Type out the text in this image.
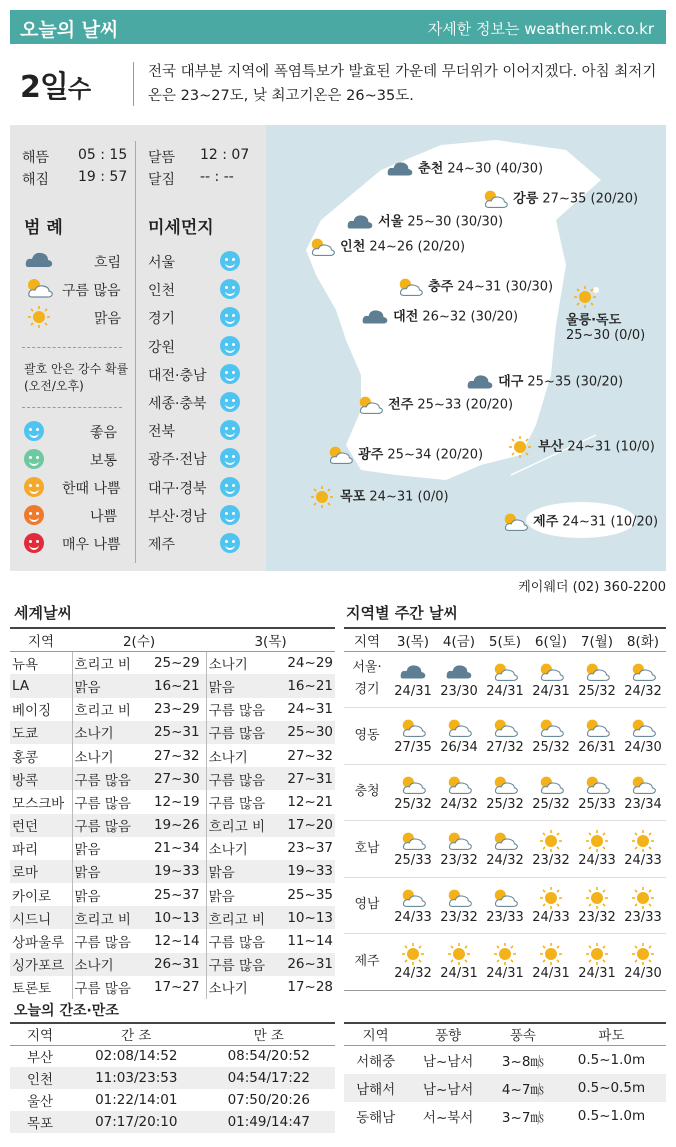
오늘의 날씨	자세한 정보는 weather.mk.co.kr
2일수
전국 대부분 지역에 폭염특보가 발효된 가운데 무더위가 이어지겠다. 아침 최저기온은 23~27도, 낮 최고기온은 26~35도.
해뜸 05 : 15
해짐 19 : 57
달뜸 12 : 07
달짐 -- : --
범 례
흐림
구름 많음
맑음
괄호 안은 강수 확률
(오전/오후)
좋음
보통
한때 나쁨
나쁨
매우 나쁨
미세먼지
서울
인천
경기
강원
대전·충남
세종·충북
전북
광주·전남
대구·경북
부산·경남
제주
춘천 24~30 (40/30)
강릉 27~35 (20/20)
서울 25~30 (30/30)
인천 24~26 (20/20)
충주 24~31 (30/30)
울릉·독도
25~30 (0/0)
대전 26~32 (30/20)
대구 25~35 (30/20)
전주 25~33 (20/20)
광주 25~34 (20/20)
부산 24~31 (10/0)
목포 24~31 (0/0)
제주 24~31 (10/20)
케이웨더 (02) 360-2200
세계날씨
지역	2(수)		3(목)	
뉴욕	흐리고 비	25~29	소나기	24~29
LA	맑음	16~21	맑음	16~21
베이징	흐리고 비	23~29	구름 많음	24~31
도쿄	소나기	25~31	구름 많음	25~30
홍콩	소나기	27~32	소나기	27~32
방콕	구름 많음	27~30	구름 많음	27~31
모스크바	구름 많음	12~19	구름 많음	12~21
런던	구름 많음	19~26	흐리고 비	17~20
파리	맑음	21~34	소나기	23~37
로마	맑음	19~33	맑음	19~33
카이로	맑음	25~37	맑음	25~35
시드니	흐리고 비	10~13	흐리고 비	10~13
상파울루	구름 많음	12~14	구름 많음	11~14
싱가포르	소나기	26~31	구름 많음	26~31
토론토	구름 많음	17~27	소나기	17~28
지역별 주간 날씨
지역	3(목)	4(금)	5(토)	6(일)	7(월)	8(화)
서울·
경기	24/31	23/30	24/31	24/31	25/32	24/32

영동	27/35	26/34	27/32	25/32	26/31	24/30

충청	25/32	24/32	25/32	25/32	25/33	23/34

호남	25/33	23/32	24/32	23/32	24/33	24/33

영남	24/33	23/32	23/33	24/33	23/32	23/33

제주	24/32	24/31	24/31	24/31	24/31	24/30
오늘의 간조·만조
지역	간 조	만 조
부산	02:08/14:52	08:54/20:52
인천	11:03/23:53	04:54/17:22
울산	01:22/14:01	07:50/20:26
목포	07:17/20:10	01:49/14:47
지역	풍향	풍속	파도
서해중	남~남서	3~8㎧	0.5~1.0m
남해서	남~남서	4~7㎧	0.5~0.5m
동해남	서~북서	3~7㎧	0.5~1.0m
